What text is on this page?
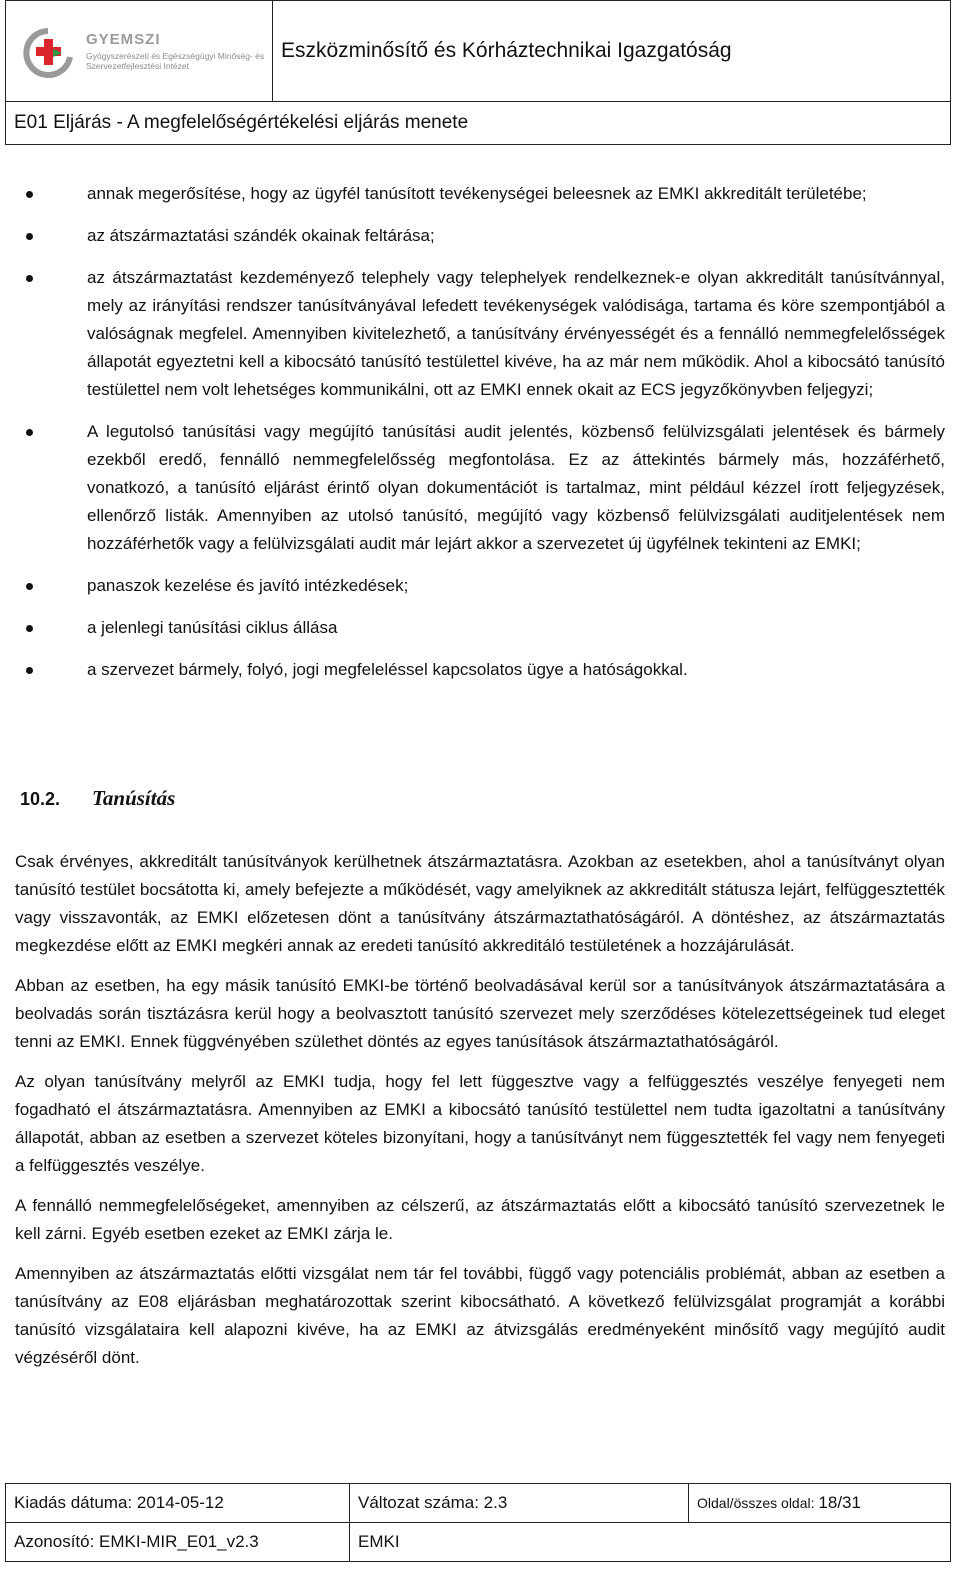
GYEMSZI
Gyógyszerészeti és Egészségügyi Minőség- és Szervezetfejlesztési Intézet
	Eszközminősítő és Kórháztechnikai Igazgatóság
E01 Eljárás - A megfelelőségértékelési eljárás menete
annak megerősítése, hogy az ügyfél tanúsított tevékenységei beleesnek az EMKI akkreditált területébe;
az átszármaztatási szándék okainak feltárása;
az átszármaztatást kezdeményező telephely vagy telephelyek rendelkeznek-e olyan akkreditált tanúsítvánnyal, mely az irányítási rendszer tanúsítványával lefedett tevékenységek valódisága, tartama és köre szempontjából a valóságnak megfelel. Amennyiben kivitelezhető, a tanúsítvány érvényességét és a fennálló nemmegfelelősségek állapotát egyeztetni kell a kibocsátó tanúsító testülettel kivéve, ha az már nem működik. Ahol a kibocsátó tanúsító testülettel nem volt lehetséges kommunikálni, ott az EMKI ennek okait az ECS jegyzőkönyvben feljegyzi;
A legutolsó tanúsítási vagy megújító tanúsítási audit jelentés, közbenső felülvizsgálati jelentések és bármely ezekből eredő, fennálló nemmegfelelősség megfontolása. Ez az áttekintés bármely más, hozzáférhető, vonatkozó, a tanúsító eljárást érintő olyan dokumentációt is tartalmaz, mint például kézzel írott feljegyzések, ellenőrző listák. Amennyiben az utolsó tanúsító, megújító vagy közbenső felülvizsgálati auditjelentések nem hozzáférhetők vagy a felülvizsgálati audit már lejárt akkor a szervezetet új ügyfélnek tekinteni az EMKI;
panaszok kezelése és javító intézkedések;
a jelenlegi tanúsítási ciklus állása
a szervezet bármely, folyó, jogi megfeleléssel kapcsolatos ügye a hatóságokkal.
10.2. Tanúsítás

Csak érvényes, akkreditált tanúsítványok kerülhetnek átszármaztatásra. Azokban az esetekben, ahol a tanúsítványt olyan tanúsító testület bocsátotta ki, amely befejezte a működését, vagy amelyiknek az akkreditált státusza lejárt, felfüggesztették vagy visszavonták, az EMKI előzetesen dönt a tanúsítvány átszármaztathatóságáról. A döntéshez, az átszármaztatás megkezdése előtt az EMKI megkéri annak az eredeti tanúsító akkreditáló testületének a hozzájárulását.

Abban az esetben, ha egy másik tanúsító EMKI-be történő beolvadásával kerül sor a tanúsítványok átszármaztatására a beolvadás során tisztázásra kerül hogy a beolvasztott tanúsító szervezet mely szerződéses kötelezettségeinek tud eleget tenni az EMKI. Ennek függvényében születhet döntés az egyes tanúsítások átszármaztathatóságáról.

Az olyan tanúsítvány melyről az EMKI tudja, hogy fel lett függesztve vagy a felfüggesztés veszélye fenyegeti nem fogadható el átszármaztatásra. Amennyiben az EMKI a kibocsátó tanúsító testülettel nem tudta igazoltatni a tanúsítvány állapotát, abban az esetben a szervezet köteles bizonyítani, hogy a tanúsítványt nem függesztették fel vagy nem fenyegeti a felfüggesztés veszélye.

A fennálló nemmegfelelőségeket, amennyiben az célszerű, az átszármaztatás előtt a kibocsátó tanúsító szervezetnek le kell zárni. Egyéb esetben ezeket az EMKI zárja le.

Amennyiben az átszármaztatás előtti vizsgálat nem tár fel további, függő vagy potenciális problémát, abban az esetben a tanúsítvány az E08 eljárásban meghatározottak szerint kibocsátható. A következő felülvizsgálat programját a korábbi tanúsító vizsgálataira kell alapozni kivéve, ha az EMKI az átvizsgálás eredményeként minősítő vagy megújító audit végzéséről dönt.

Kiadás dátuma: 2014-05-12	Változat száma: 2.3	Oldal/összes oldal: 18/31
Azonosító: EMKI-MIR_E01_v2.3	EMKI	
